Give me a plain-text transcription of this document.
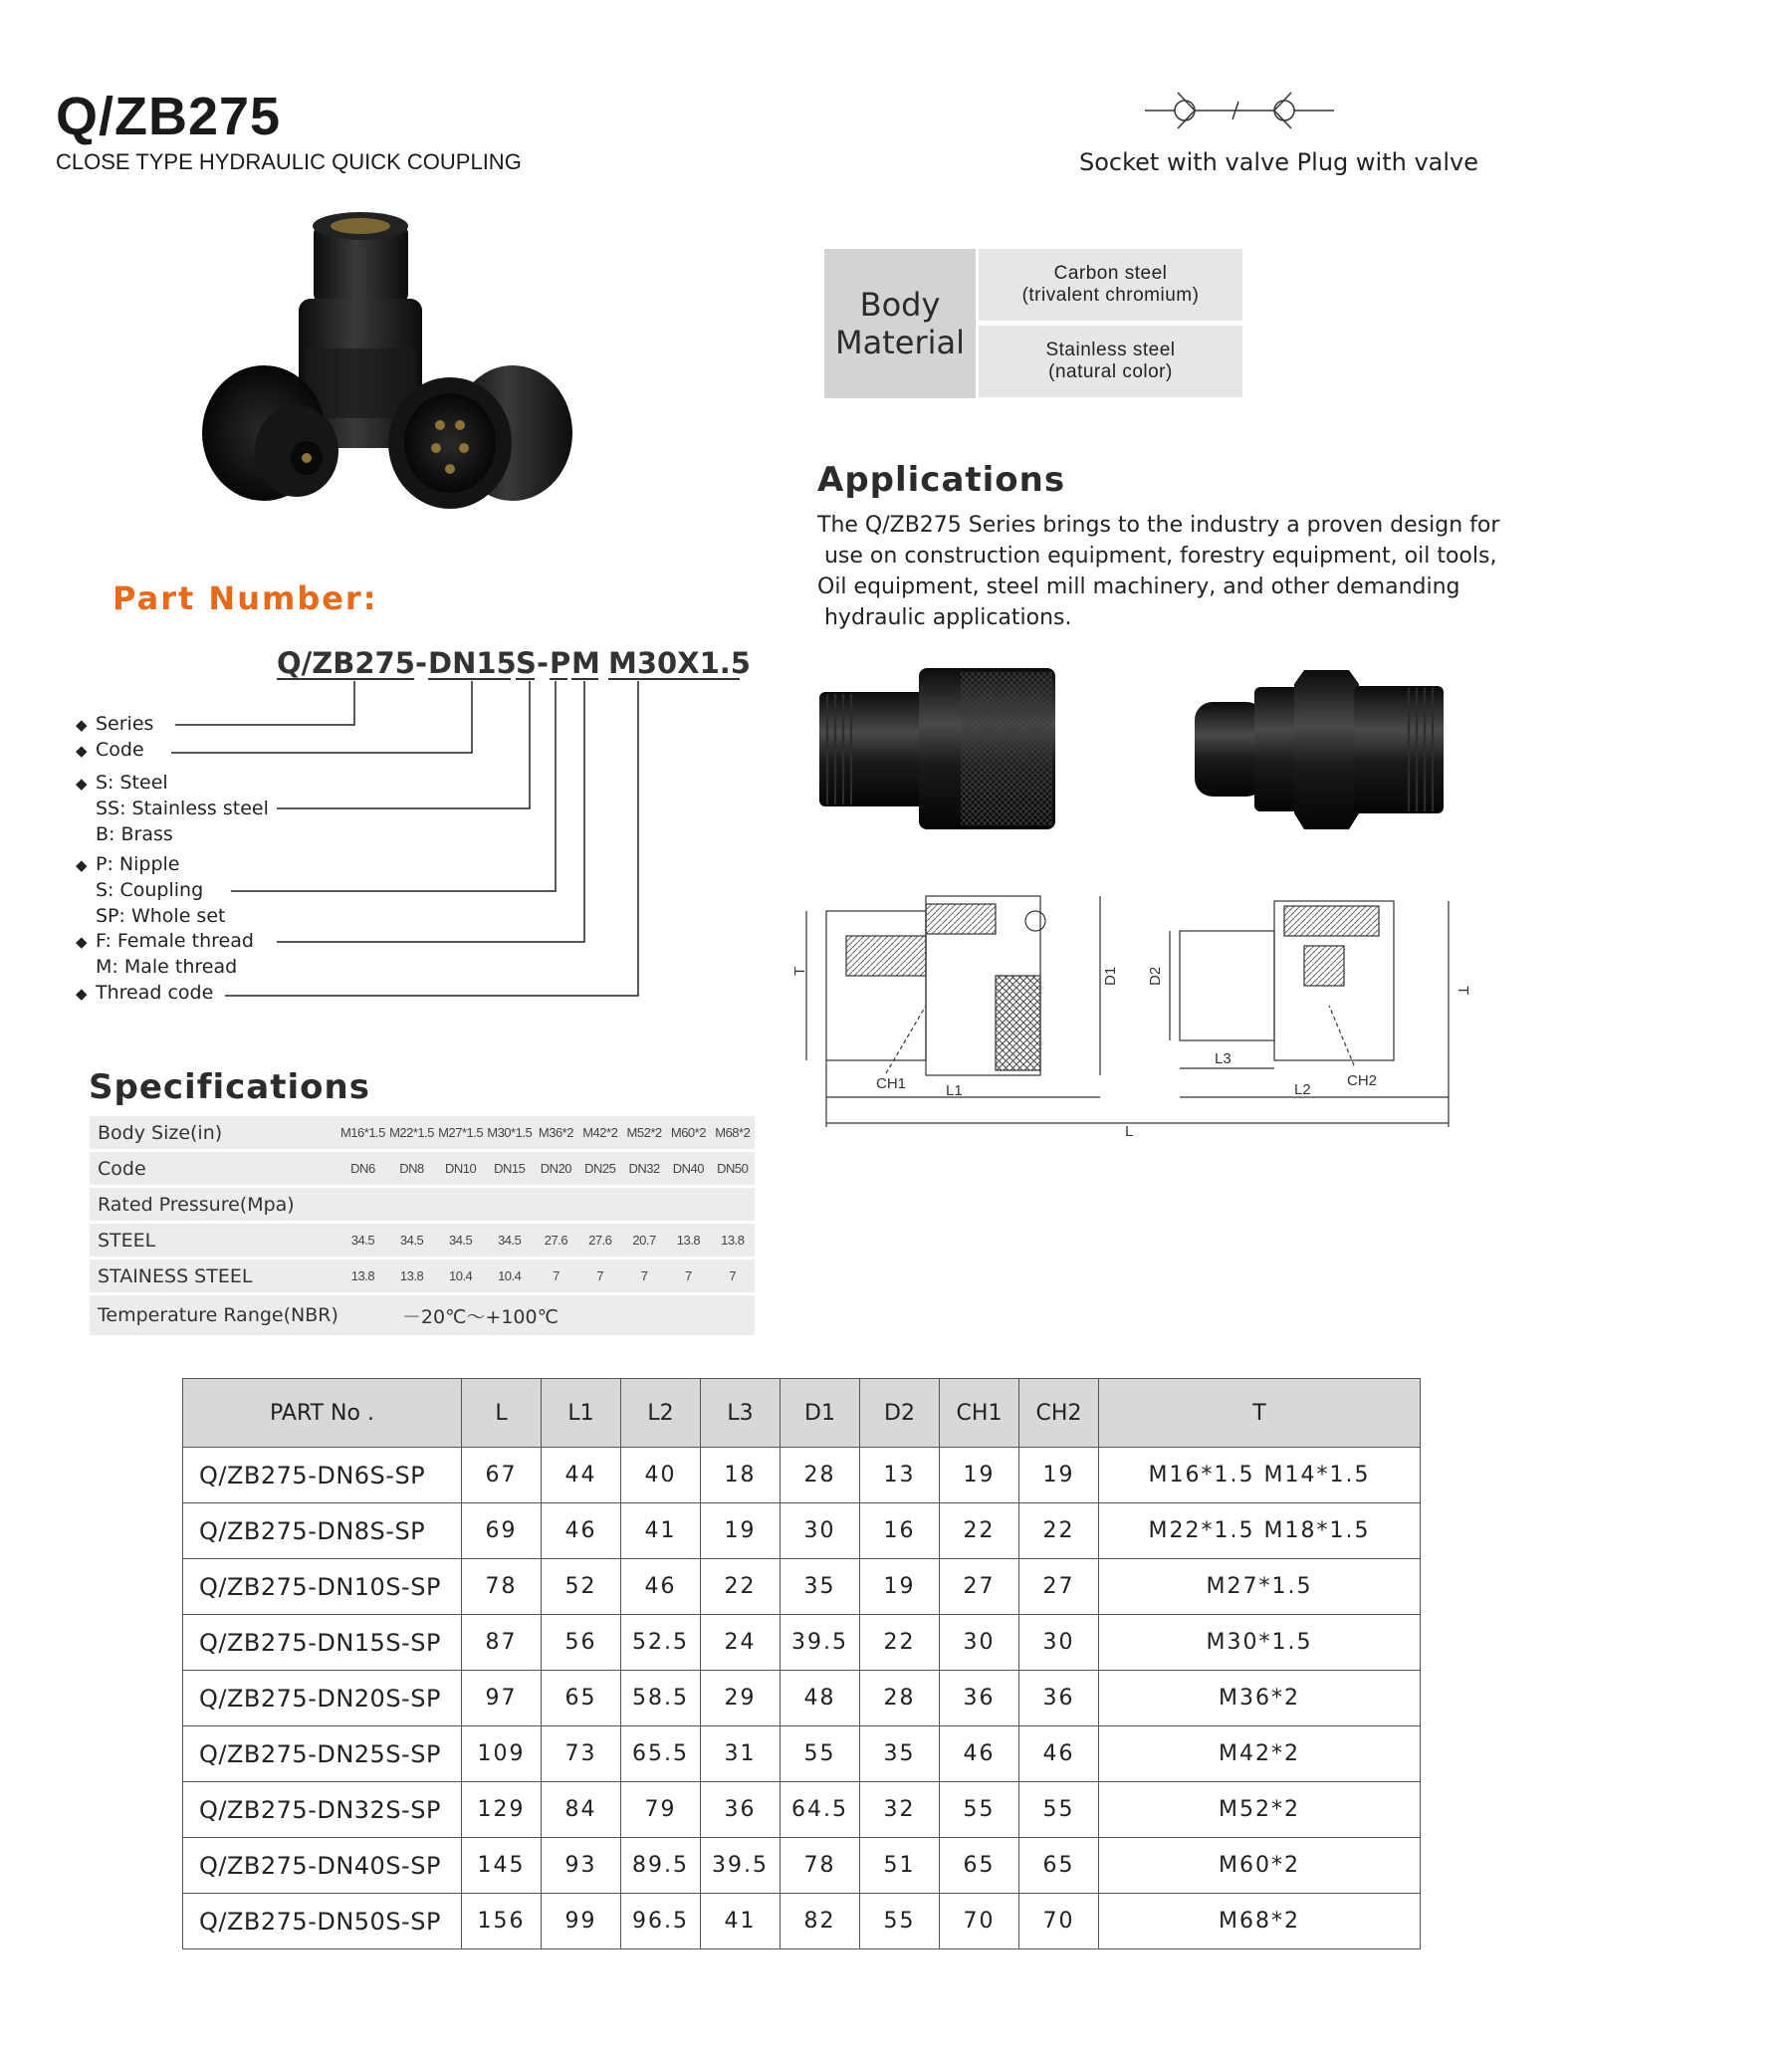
Q/ZB275
CLOSE TYPE HYDRAULIC QUICK COUPLING	Socket with valve Plug with valve
Body
Material
Carbon steel
(trivalent chromium)
Stainless steel
(natural color)
Applications
The Q/ZB275 Series brings to the industry a proven design for
use on construction equipment, forestry equipment, oil tools,
Oil equipment, steel mill machinery, and other demanding
hydraulic applications.
Part Number:
Q/ZB275 - DN15 S - P M M30X1.5
◆ Series
◆ Code
◆ S: Steel
SS: Stainless steel
B: Brass
◆ P: Nipple
S: Coupling
SP: Whole set
◆ F: Female thread
M: Male thread
◆ Thread code
T	D1 D2
T
CH1	L1
L3
CH2
L2
L
Specifications
Body Size(in)	M16*1.5	M22*1.5	M27*1.5	M30*1.5	M36*2	M42*2	M52*2	M60*2	M68*2
Code	DN6	DN8	DN10	DN15	DN20	DN25	DN32	DN40	DN50
Rated Pressure(Mpa)									
STEEL	34.5	34.5	34.5	34.5	27.6	27.6	20.7	13.8	13.8
STAINESS STEEL	13.8	13.8	10.4	10.4	7	7	7	7	7
Temperature Range(NBR)	－20℃～+100℃								
PART No .	L	L1	L2	L3	D1	D2	CH1	CH2	T
Q/ZB275-DN6S-SP	67	44	40	18	28	13	19	19	M16*1.5 M14*1.5
Q/ZB275-DN8S-SP	69	46	41	19	30	16	22	22	M22*1.5 M18*1.5
Q/ZB275-DN10S-SP	78	52	46	22	35	19	27	27	M27*1.5
Q/ZB275-DN15S-SP	87	56	52.5	24	39.5	22	30	30	M30*1.5
Q/ZB275-DN20S-SP	97	65	58.5	29	48	28	36	36	M36*2
Q/ZB275-DN25S-SP	109	73	65.5	31	55	35	46	46	M42*2
Q/ZB275-DN32S-SP	129	84	79	36	64.5	32	55	55	M52*2
Q/ZB275-DN40S-SP	145	93	89.5	39.5	78	51	65	65	M60*2
Q/ZB275-DN50S-SP	156	99	96.5	41	82	55	70	70	M68*2
